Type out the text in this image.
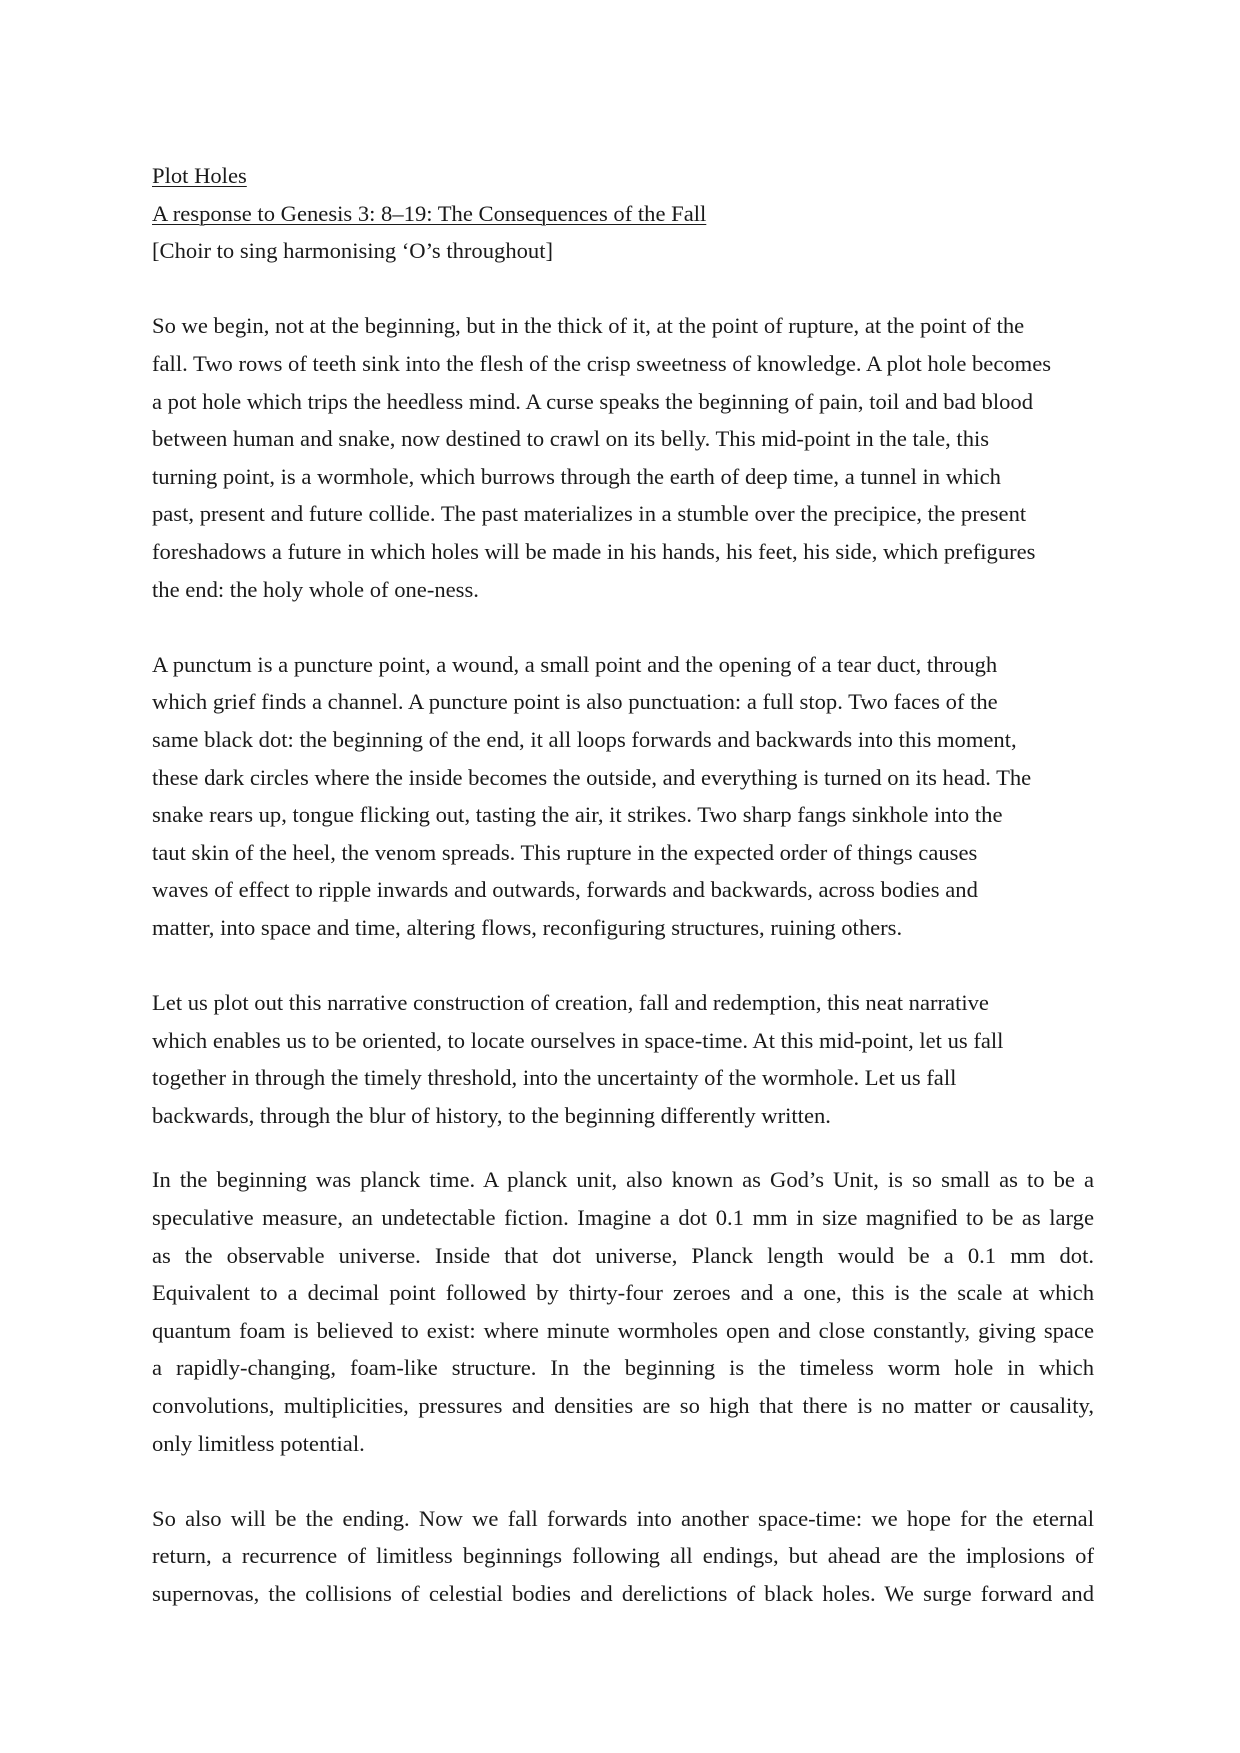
Plot Holes
A response to Genesis 3: 8–19: The Consequences of the Fall
[Choir to sing harmonising ‘O’s throughout]

So we begin, not at the beginning, but in the thick of it, at the point of rupture, at the point of the
fall. Two rows of teeth sink into the flesh of the crisp sweetness of knowledge. A plot hole becomes
a pot hole which trips the heedless mind. A curse speaks the beginning of pain, toil and bad blood
between human and snake, now destined to crawl on its belly. This mid-point in the tale, this
turning point, is a wormhole, which burrows through the earth of deep time, a tunnel in which
past, present and future collide. The past materializes in a stumble over the precipice, the present
foreshadows a future in which holes will be made in his hands, his feet, his side, which prefigures
the end: the holy whole of one-ness.

A punctum is a puncture point, a wound, a small point and the opening of a tear duct, through
which grief finds a channel. A puncture point is also punctuation: a full stop. Two faces of the
same black dot: the beginning of the end, it all loops forwards and backwards into this moment,
these dark circles where the inside becomes the outside, and everything is turned on its head. The
snake rears up, tongue flicking out, tasting the air, it strikes. Two sharp fangs sinkhole into the
taut skin of the heel, the venom spreads. This rupture in the expected order of things causes
waves of effect to ripple inwards and outwards, forwards and backwards, across bodies and
matter, into space and time, altering flows, reconfiguring structures, ruining others.

Let us plot out this narrative construction of creation, fall and redemption, this neat narrative
which enables us to be oriented, to locate ourselves in space-time. At this mid-point, let us fall
together in through the timely threshold, into the uncertainty of the wormhole. Let us fall
backwards, through the blur of history, to the beginning differently written.

In the beginning was planck time. A planck unit, also known as God’s Unit, is so small as to be a
speculative measure, an undetectable fiction. Imagine a dot 0.1 mm in size magnified to be as large
as the observable universe. Inside that dot universe, Planck length would be a 0.1 mm dot.
Equivalent to a decimal point followed by thirty-four zeroes and a one, this is the scale at which
quantum foam is believed to exist: where minute wormholes open and close constantly, giving space
a rapidly-changing, foam-like structure. In the beginning is the timeless worm hole in which
convolutions, multiplicities, pressures and densities are so high that there is no matter or causality,
only limitless potential.

So also will be the ending. Now we fall forwards into another space-time: we hope for the eternal
return, a recurrence of limitless beginnings following all endings, but ahead are the implosions of
supernovas, the collisions of celestial bodies and derelictions of black holes. We surge forward and
